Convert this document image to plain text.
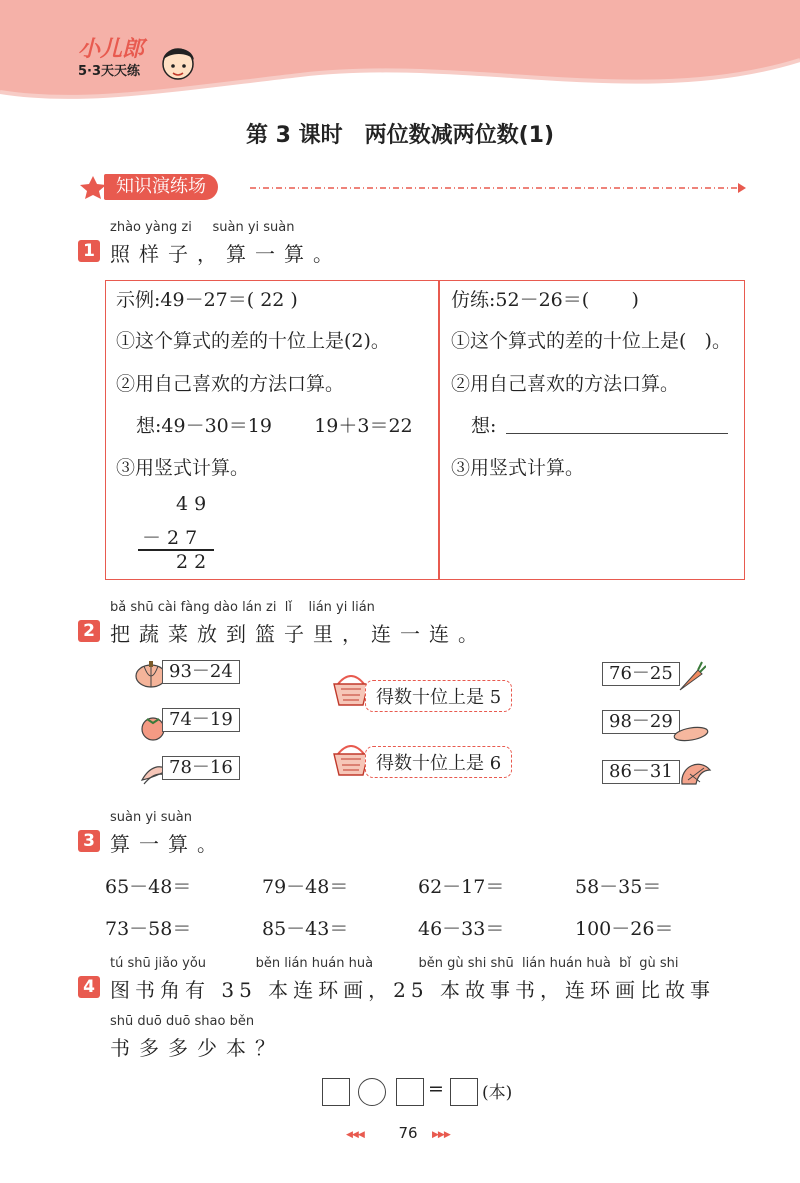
小儿郎
5·3天天练
第 3 课时　两位数减两位数(1)
知识演练场
zhào yàng zi     suàn yi suàn
1 照样子，算一算。
示例:49－27＝( 22 )
①这个算式的差的十位上是(2)。
②用自己喜欢的方法口算。
想:49－30＝19       19＋3＝22
③用竖式计算。
4 9
－ 2 7
2 2
仿练:52－26＝(       )
①这个算式的差的十位上是(   )。
②用自己喜欢的方法口算。
想:
③用竖式计算。
bǎ shū cài fàng dào lán zi  lǐ    lián yi lián
2 把蔬菜放到篮子里，连一连。
93－24
74－19
78－16
得数十位上是 5
得数十位上是 6
76－25
98－29
86－31
suàn yi suàn
3 算一算。
65－48＝	79－48＝	62－17＝	58－35＝
73－58＝	85－43＝	46－33＝	100－26＝
tú shū jiǎo yǒu            běn lián huán huà           běn gù shi shū  lián huán huà  bǐ  gù shi
4 图书角有 35 本连环画，25 本故事书，连环画比故事
shū duō duō shao běn
书多多少本？
= (本)
◀◀◀	76	▶▶▶
